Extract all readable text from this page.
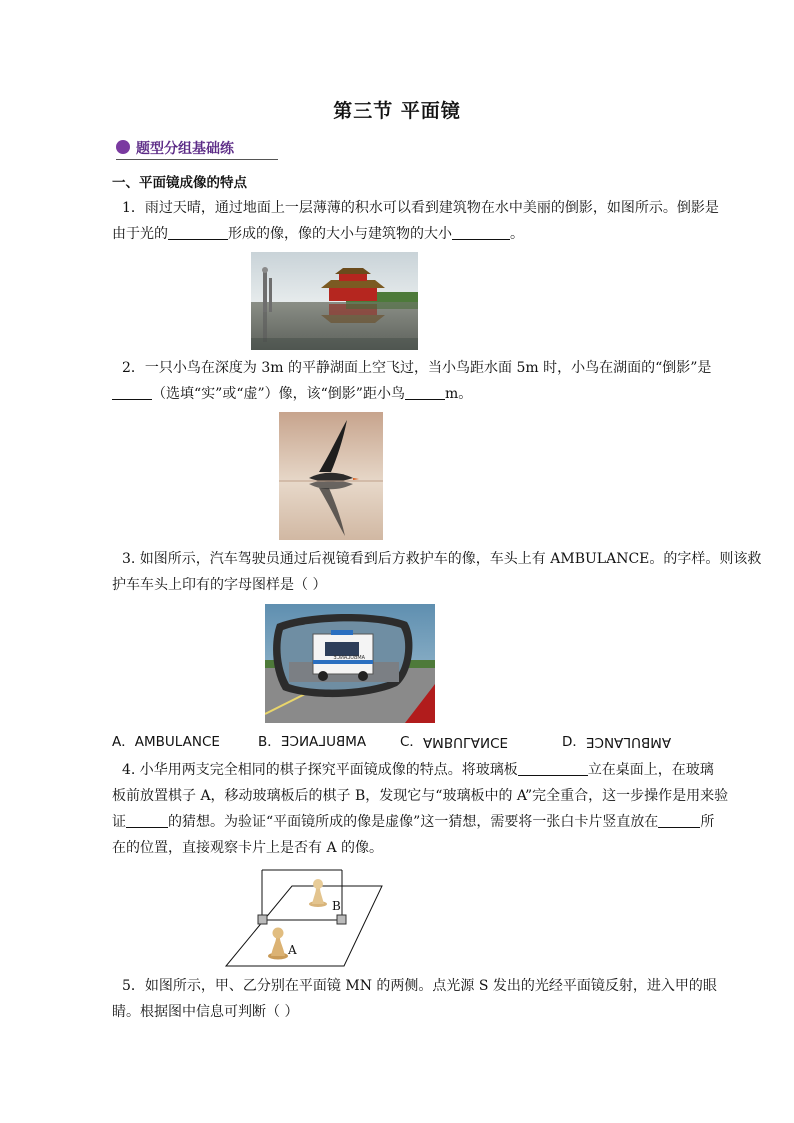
第三节 平面镜
题型分组基础练
一、平面镜成像的特点
1．雨过天晴，通过地面上一层薄薄的积水可以看到建筑物在水中美丽的倒影，如图所示。倒影是
由于光的	形成的像，像的大小与建筑物的大小	。
2．一只小鸟在深度为 3m 的平静湖面上空飞过，当小鸟距水面 5m 时，小鸟在湖面的“倒影”是
（选填“实”或“虚”）像，该“倒影”距小鸟	m。
3. 如图所示，汽车驾驶员通过后视镜看到后方救护车的像，车头上有 AMBULANCE。的字样。则该救
护车车头上印有的字母图样是（ ）
AMBULANCE
A．AMBULANCE	B．AMBULANCE	C．AMBULANCE	D．AMBULANCE
4. 小华用两支完全相同的棋子探究平面镜成像的特点。将玻璃板	立在桌面上，在玻璃
板前放置棋子 A，移动玻璃板后的棋子 B，发现它与“玻璃板中的 A”完全重合，这一步操作是用来验
证	的猜想。为验证“平面镜所成的像是虚像”这一猜想，需要将一张白卡片竖直放在	所
在的位置，直接观察卡片上是否有 A 的像。
B
A
5．如图所示，甲、乙分别在平面镜 MN 的两侧。点光源 S 发出的光经平面镜反射，进入甲的眼
睛。根据图中信息可判断（ ）
